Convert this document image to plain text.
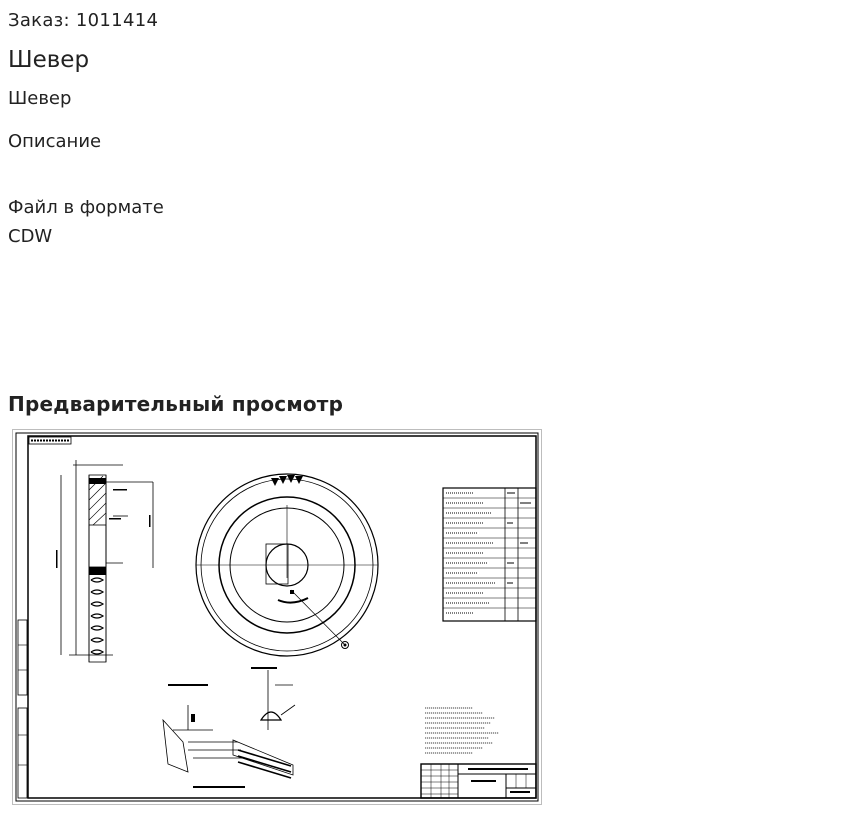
Заказ: 1011414
Шевер
Шевер
Описание
Файл в формате CDW
Предварительный просмотр
